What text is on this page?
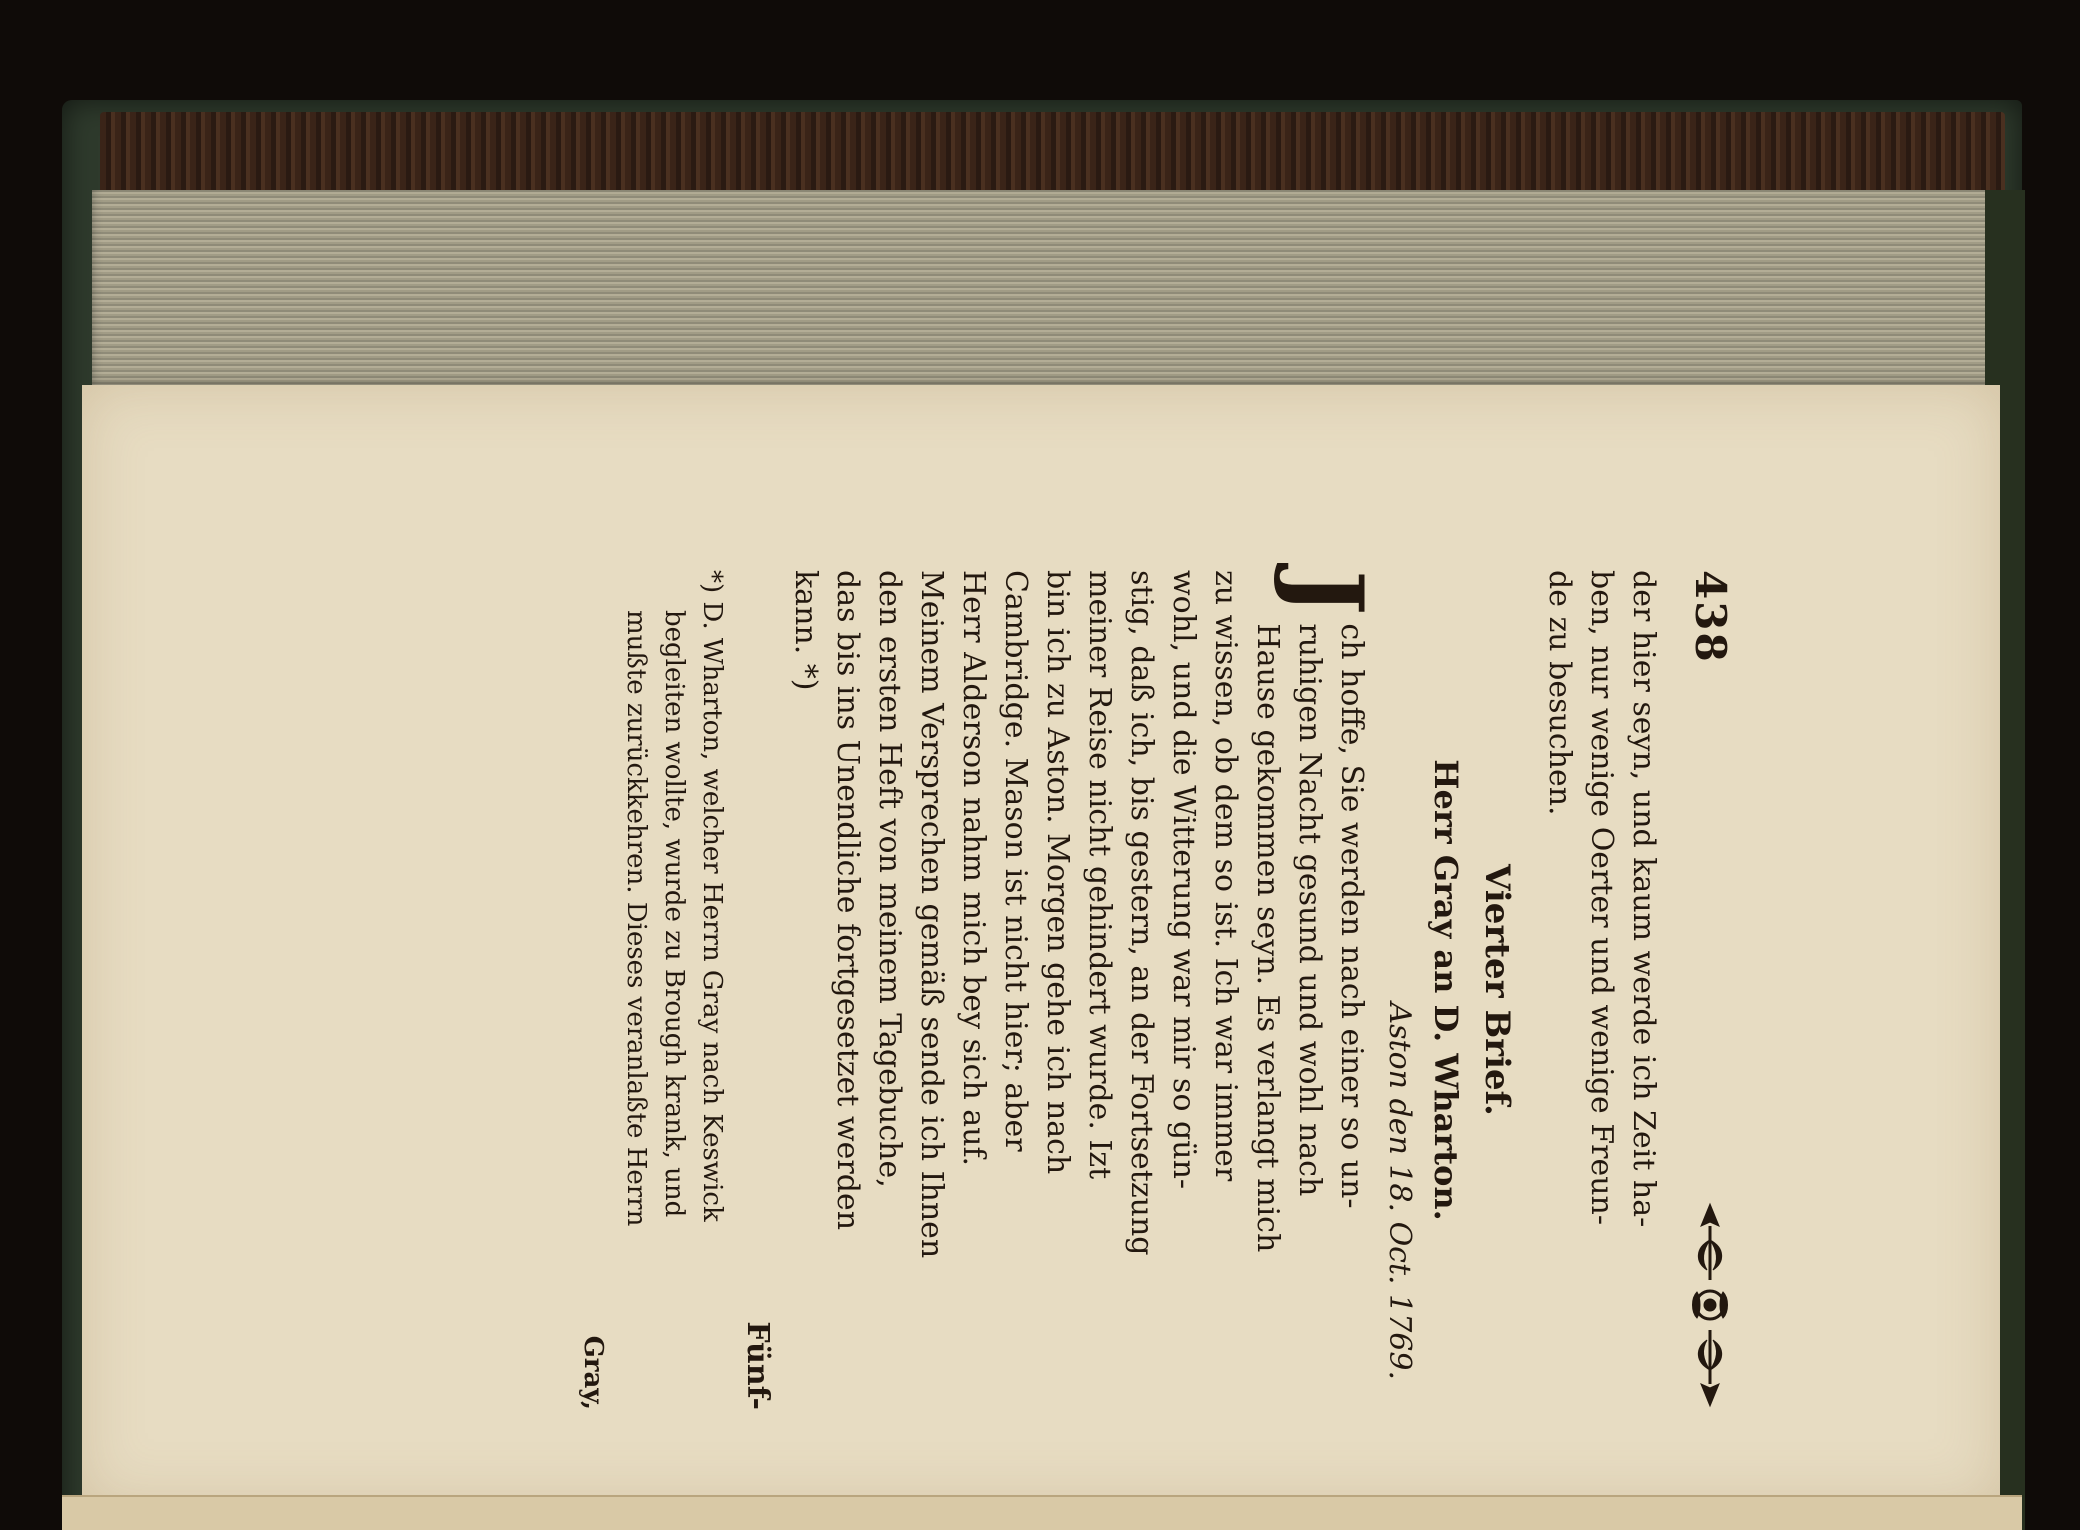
438

der hier seyn, und kaum werde ich Zeit ha-

ben, nur wenige Oerter und wenige Freun-

de zu besuchen.

Vierter Brief.
Herr Gray an D. Wharton.
Aston den 18. Oct. 1769.
J

ch hoffe, Sie werden nach einer so un-

ruhigen Nacht gesund und wohl nach

Hause gekommen seyn. Es verlangt mich

zu wissen, ob dem so ist. Ich war immer

wohl, und die Witterung war mir so gün-

stig, daß ich, bis gestern, an der Fortsetzung

meiner Reise nicht gehindert wurde. Izt

bin ich zu Aston. Morgen gehe ich nach

Cambridge. Mason ist nicht hier; aber

Herr Alderson nahm mich bey sich auf.

Meinem Versprechen gemäß sende ich Ihnen

den ersten Heft von meinem Tagebuche,

das bis ins Unendliche fortgesetzet werden

kann. *)

Fünf-

*) D. Wharton, welcher Herrn Gray nach Keswick

begleiten wollte, wurde zu Brough krank, und

mußte zurückkehren. Dieses veranlaßte Herrn

Gray,
